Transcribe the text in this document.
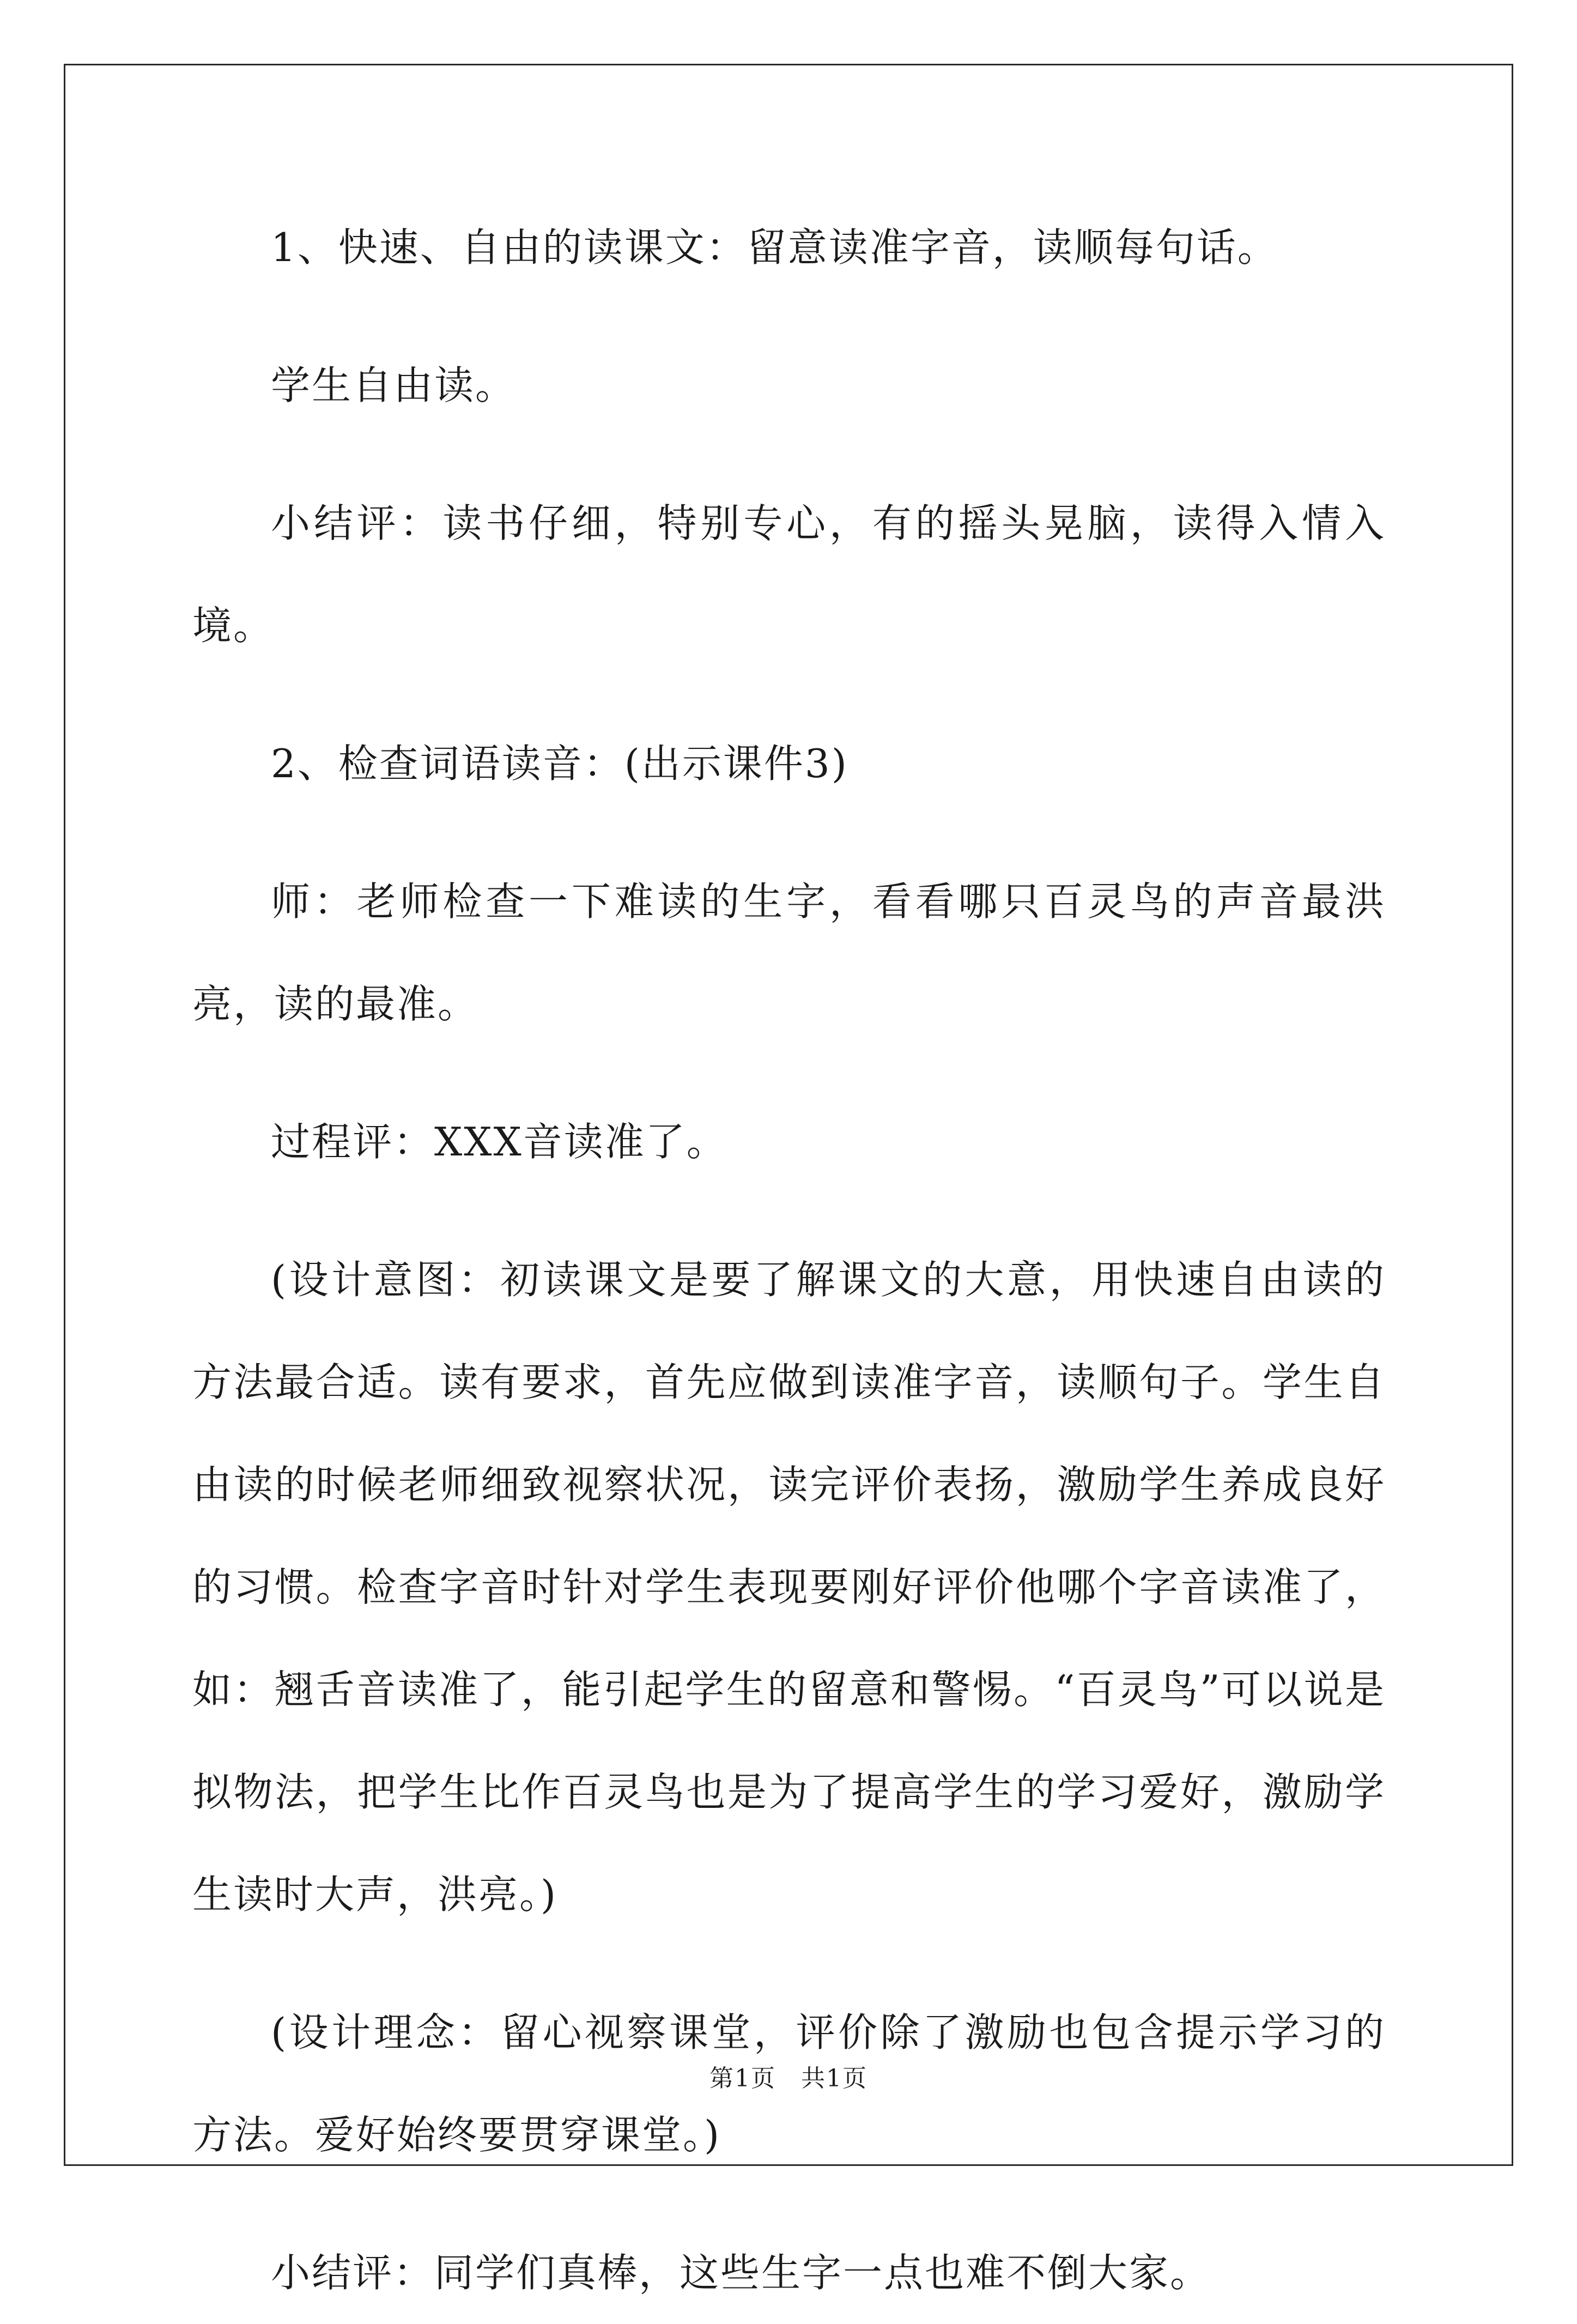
1、快速、自由的读课文：留意读准字音，读顺每句话。

学生自由读。

小结评：读书仔细，特别专心，有的摇头晃脑，读得入情入境。

2、检查词语读音：(出示课件3)

师：老师检查一下难读的生字，看看哪只百灵鸟的声音最洪亮，读的最准。

过程评：XXX音读准了。

(设计意图：初读课文是要了解课文的大意，用快速自由读的方法最合适。读有要求，首先应做到读准字音，读顺句子。学生自由读的时候老师细致视察状况，读完评价表扬，激励学生养成良好的习惯。检查字音时针对学生表现要刚好评价他哪个字音读准了，如：翘舌音读准了，能引起学生的留意和警惕。“百灵鸟”可以说是拟物法，把学生比作百灵鸟也是为了提高学生的学习爱好，激励学生读时大声，洪亮。)

(设计理念：留心视察课堂，评价除了激励也包含提示学习的方法。爱好始终要贯穿课堂。)

小结评：同学们真棒，这些生字一点也难不倒大家。

第1页　共1页
